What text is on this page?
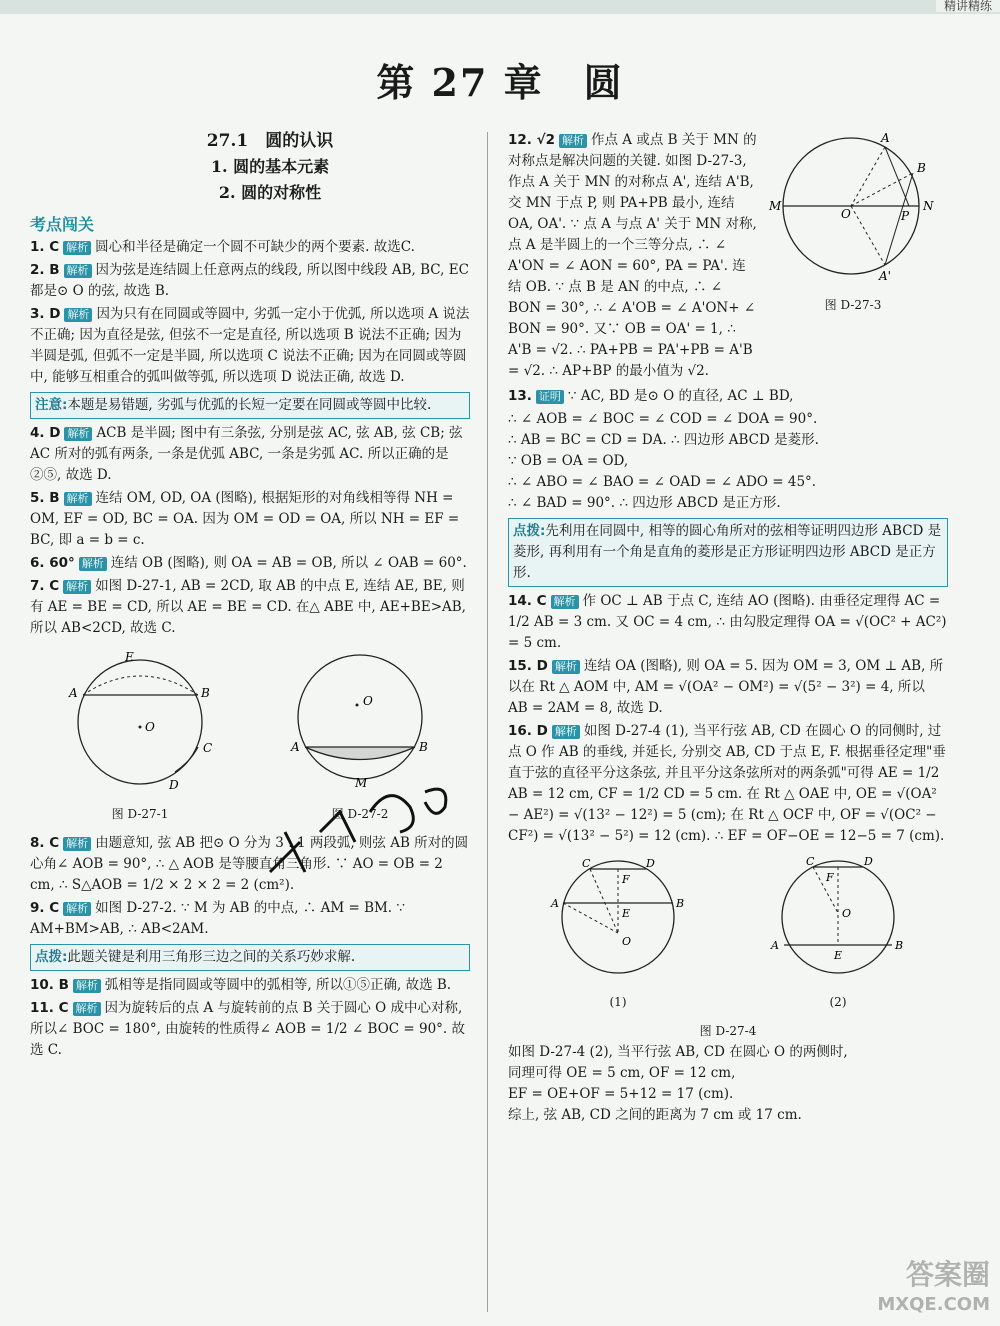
精讲精练
第 27 章　圆
27.1　圆的认识
1. 圆的基本元素
2. 圆的对称性
考点闯关
1. C 解析 圆心和半径是确定一个圆不可缺少的两个要素. 故选C.
2. B 解析 因为弦是连结圆上任意两点的线段, 所以图中线段 AB, BC, EC 都是⊙ O 的弦, 故选 B.
3. D 解析 因为只有在同圆或等圆中, 劣弧一定小于优弧, 所以选项 A 说法不正确; 因为直径是弦, 但弦不一定是直径, 所以选项 B 说法不正确; 因为半圆是弧, 但弧不一定是半圆, 所以选项 C 说法不正确; 因为在同圆或等圆中, 能够互相重合的弧叫做等弧, 所以选项 D 说法正确, 故选 D.
注意:本题是易错题, 劣弧与优弧的长短一定要在同圆或等圆中比较.
4. D 解析 ACB 是半圆; 图中有三条弦, 分别是弦 AC, 弦 AB, 弦 CB; 弦 AC 所对的弧有两条, 一条是优弧 ABC, 一条是劣弧 AC. 所以正确的是②⑤, 故选 D.
5. B 解析 连结 OM, OD, OA (图略), 根据矩形的对角线相等得 NH = OM, EF = OD, BC = OA. 因为 OM = OD = OA, 所以 NH = EF = BC, 即 a = b = c.
6. 60° 解析 连结 OB (图略), 则 OA = AB = OB, 所以 ∠ OAB = 60°.
7. C 解析 如图 D-27-1, AB = 2CD, 取 AB 的中点 E, 连结 AE, BE, 则有 AE = BE = CD, 所以 AE = BE = CD. 在△ ABE 中, AE+BE>AB, 所以 AB<2CD, 故选 C.
E
A	B
O
C
D
图 D-27-1
A	B
M
O
图 D-27-2
8. C 解析 由题意知, 弦 AB 把⊙ O 分为 3 : 1 两段弧, 则弦 AB 所对的圆心角∠ AOB = 90°, ∴ △ AOB 是等腰直角三角形. ∵ AO = OB = 2 cm, ∴ S△AOB = 1/2 × 2 × 2 = 2 (cm²).
9. C 解析 如图 D-27-2. ∵ M 为 AB 的中点, ∴ AM = BM. ∵ AM+BM>AB, ∴ AB<2AM.
点拨:此题关键是利用三角形三边之间的关系巧妙求解.
10. B 解析 弧相等是指同圆或等圆中的弧相等, 所以①⑤正确, 故选 B.
11. C 解析 因为旋转后的点 A 与旋转前的点 B 关于圆心 O 成中心对称, 所以∠ BOC = 180°, 由旋转的性质得∠ AOB = 1/2 ∠ BOC = 90°. 故选 C.
12. √2 解析 作点 A 或点 B 关于 MN 的对称点是解决问题的关键. 如图 D-27-3, 作点 A 关于 MN 的对称点 A', 连结 A'B, 交 MN 于点 P, 则 PA+PB 最小, 连结 OA, OA'. ∵ 点 A 与点 A' 关于 MN 对称, 点 A 是半圆上的一个三等分点, ∴ ∠ A'ON = ∠ AON = 60°, PA = PA'. 连结 OB. ∵ 点 B 是 AN 的中点, ∴ ∠ BON = 30°, ∴ ∠ A'OB = ∠ A'ON+ ∠ BON = 90°. 又∵ OB = OA' = 1, ∴ A'B = √2. ∴ PA+PB = PA'+PB = A'B = √2. ∴ AP+BP 的最小值为 √2.
A
B
M
O	P
N
A'
图 D-27-3
13. 证明 ∵ AC, BD 是⊙ O 的直径, AC ⊥ BD,
∴ ∠ AOB = ∠ BOC = ∠ COD = ∠ DOA = 90°.
∴ AB = BC = CD = DA. ∴ 四边形 ABCD 是菱形.
∵ OB = OA = OD,
∴ ∠ ABO = ∠ BAO = ∠ OAD = ∠ ADO = 45°.
∴ ∠ BAD = 90°. ∴ 四边形 ABCD 是正方形.
点拨:先利用在同圆中, 相等的圆心角所对的弦相等证明四边形 ABCD 是菱形, 再利用有一个角是直角的菱形是正方形证明四边形 ABCD 是正方形.
14. C 解析 作 OC ⊥ AB 于点 C, 连结 AO (图略). 由垂径定理得 AC = 1/2 AB = 3 cm. 又 OC = 4 cm, ∴ 由勾股定理得 OA = √(OC² + AC²) = 5 cm.
15. D 解析 连结 OA (图略), 则 OA = 5. 因为 OM = 3, OM ⊥ AB, 所以在 Rt △ AOM 中, AM = √(OA² − OM²) = √(5² − 3²) = 4, 所以 AB = 2AM = 8, 故选 D.
16. D 解析 如图 D-27-4 (1), 当平行弦 AB, CD 在圆心 O 的同侧时, 过点 O 作 AB 的垂线, 并延长, 分别交 AB, CD 于点 E, F. 根据垂径定理"垂直于弦的直径平分这条弦, 并且平分这条弦所对的两条弧"可得 AE = 1/2 AB = 12 cm, CF = 1/2 CD = 5 cm. 在 Rt △ OAE 中, OE = √(OA² − AE²) = √(13² − 12²) = 5 (cm); 在 Rt △ OCF 中, OF = √(OC² − CF²) = √(13² − 5²) = 12 (cm). ∴ EF = OF−OE = 12−5 = 7 (cm).
C	D
F
A	B
E
O
(1)
C	D
F
A	B
E
O
(2)
图 D-27-4
如图 D-27-4 (2), 当平行弦 AB, CD 在圆心 O 的两侧时,
同理可得 OE = 5 cm, OF = 12 cm,
EF = OE+OF = 5+12 = 17 (cm).
综上, 弦 AB, CD 之间的距离为 7 cm 或 17 cm.
答案圈
MXQE.COM
